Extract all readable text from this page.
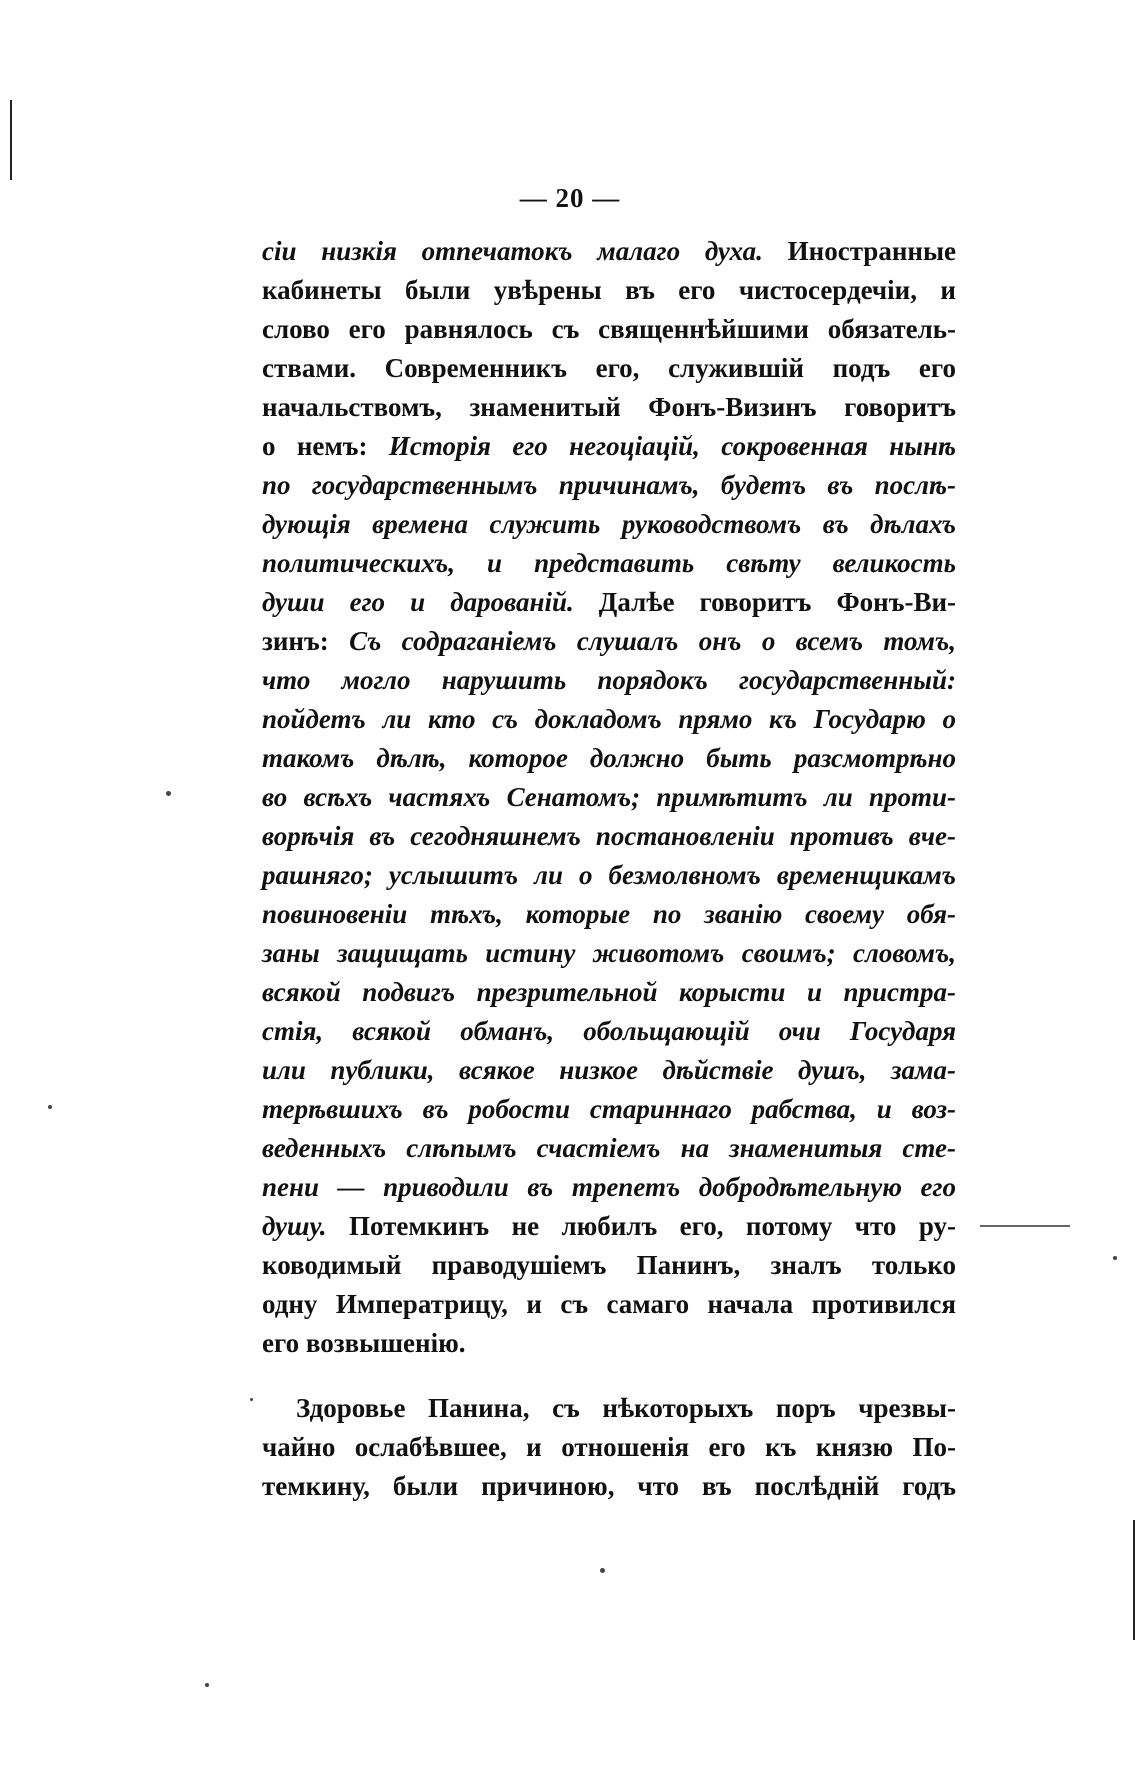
— 20 —
сіи низкія отпечатокъ малаго духа. Иностранные
кабинеты были увѣрены въ его чистосердечіи, и
слово его равнялось съ священнѣйшими обязатель-
ствами. Современникъ его, служившій подъ его
начальствомъ, знаменитый Фонъ-Визинъ говоритъ
о немъ: Исторія его негоціацій, сокровенная нынѣ
по государственнымъ причинамъ, будетъ въ послѣ-
дующія времена служить руководствомъ въ дѣлахъ
политическихъ, и представить свѣту великость
души его и дарованій. Далѣе говоритъ Фонъ-Ви-
зинъ: Съ содраганіемъ слушалъ онъ о всемъ томъ,
что могло нарушить порядокъ государственный:
пойдетъ ли кто съ докладомъ прямо къ Государю о
такомъ дѣлѣ, которое должно быть разсмотрѣно
во всѣхъ частяхъ Сенатомъ; примѣтитъ ли проти-
ворѣчія въ сегодняшнемъ постановленіи противъ вче-
рашняго; услышитъ ли о безмолвномъ временщикамъ
повиновеніи тѣхъ, которые по званію своему обя-
заны защищать истину животомъ своимъ; словомъ,
всякой подвигъ презрительной корысти и пристра-
стія, всякой обманъ, обольщающій очи Государя
или публики, всякое низкое дѣйствіе душъ, зама-
терѣвшихъ въ робости стариннаго рабства, и воз-
веденныхъ слѣпымъ счастіемъ на знаменитыя сте-
пени — приводили въ трепетъ добродѣтельную его
душу. Потемкинъ не любилъ его, потому что ру-
ководимый праводушіемъ Панинъ, зналъ только
одну Императрицу, и съ самаго начала противился
его возвышенію.
Здоровье Панина, съ нѣкоторыхъ поръ чрезвы-
чайно ослабѣвшее, и отношенія его къ князю По-
темкину, были причиною, что въ послѣдній годъ
